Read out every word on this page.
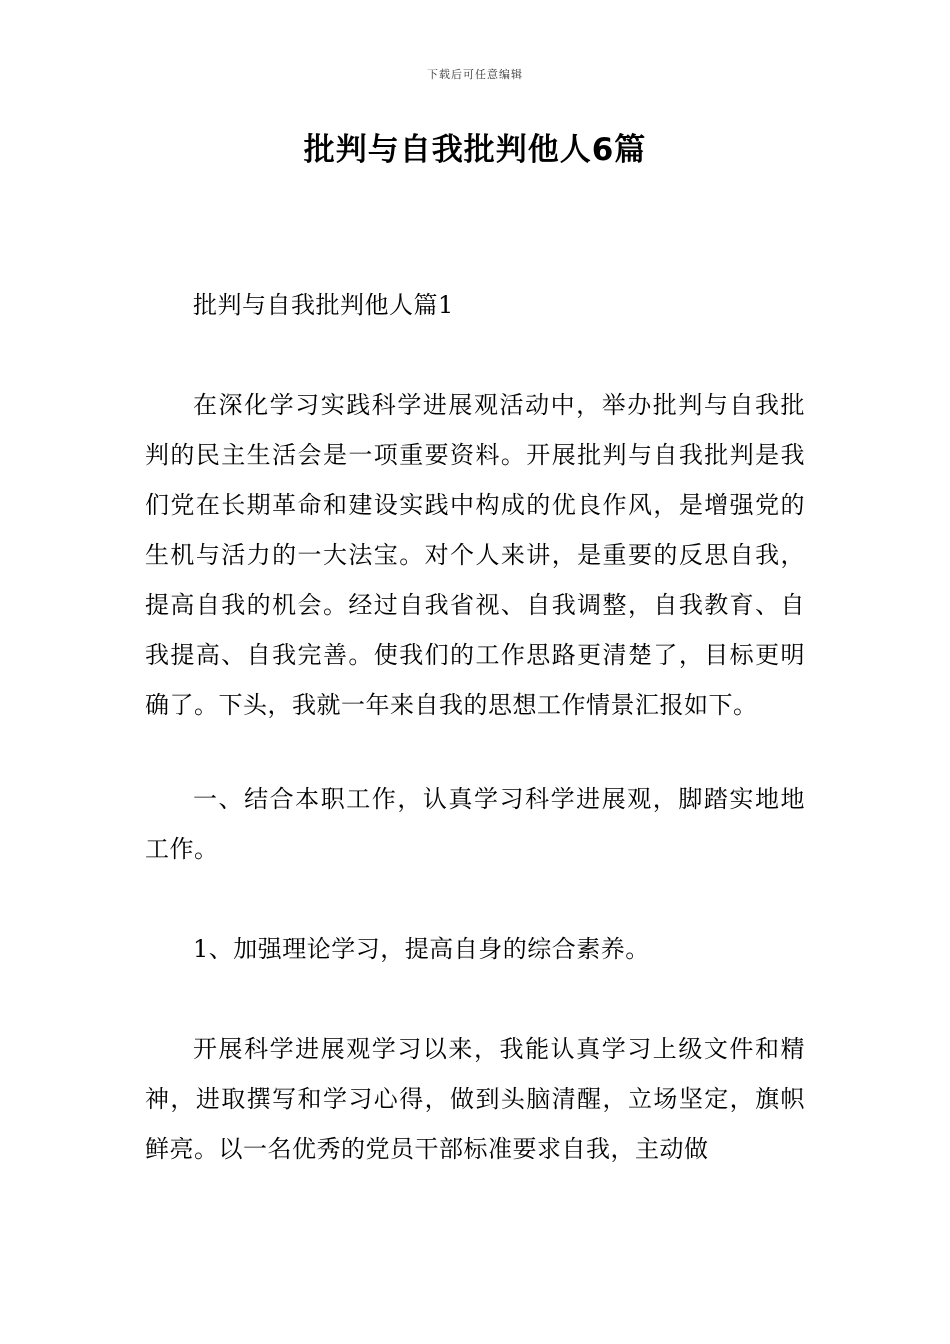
下载后可任意编辑
批判与自我批判他人6篇

批判与自我批判他人篇1

在深化学习实践科学进展观活动中，举办批判与自我批判的民主生活会是一项重要资料。开展批判与自我批判是我们党在长期革命和建设实践中构成的优良作风，是增强党的生机与活力的一大法宝。对个人来讲，是重要的反思自我，提高自我的机会。经过自我省视、自我调整，自我教育、自我提高、自我完善。使我们的工作思路更清楚了，目标更明确了。下头，我就一年来自我的思想工作情景汇报如下。

一、结合本职工作，认真学习科学进展观，脚踏实地地工作。

1、加强理论学习，提高自身的综合素养。

开展科学进展观学习以来，我能认真学习上级文件和精神，进取撰写和学习心得，做到头脑清醒，立场坚定，旗帜鲜亮。以一名优秀的党员干部标准要求自我，主动做
